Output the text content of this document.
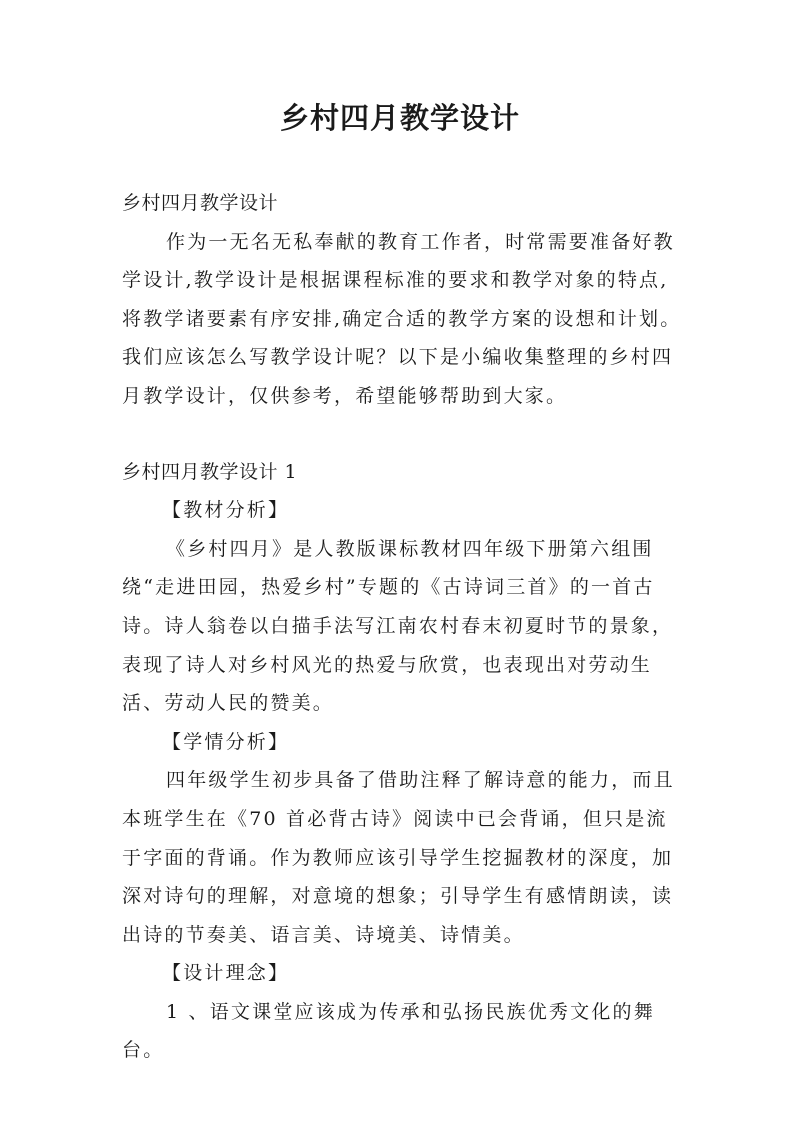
乡村四月教学设计

乡村四月教学设计

作为一无名无私奉献的教育工作者，时常需要准备好教学设计,教学设计是根据课程标准的要求和教学对象的特点,将教学诸要素有序安排,确定合适的教学方案的设想和计划。我们应该怎么写教学设计呢？以下是小编收集整理的乡村四月教学设计，仅供参考，希望能够帮助到大家。

乡村四月教学设计 1

【教材分析】

《乡村四月》是人教版课标教材四年级下册第六组围绕“走进田园，热爱乡村”专题的《古诗词三首》的一首古诗。诗人翁卷以白描手法写江南农村春末初夏时节的景象，表现了诗人对乡村风光的热爱与欣赏，也表现出对劳动生活、劳动人民的赞美。

【学情分析】

四年级学生初步具备了借助注释了解诗意的能力，而且本班学生在《70 首必背古诗》阅读中已会背诵，但只是流于字面的背诵。作为教师应该引导学生挖掘教材的深度，加深对诗句的理解，对意境的想象；引导学生有感情朗读，读出诗的节奏美、语言美、诗境美、诗情美。

【设计理念】

1 、语文课堂应该成为传承和弘扬民族优秀文化的舞台。
